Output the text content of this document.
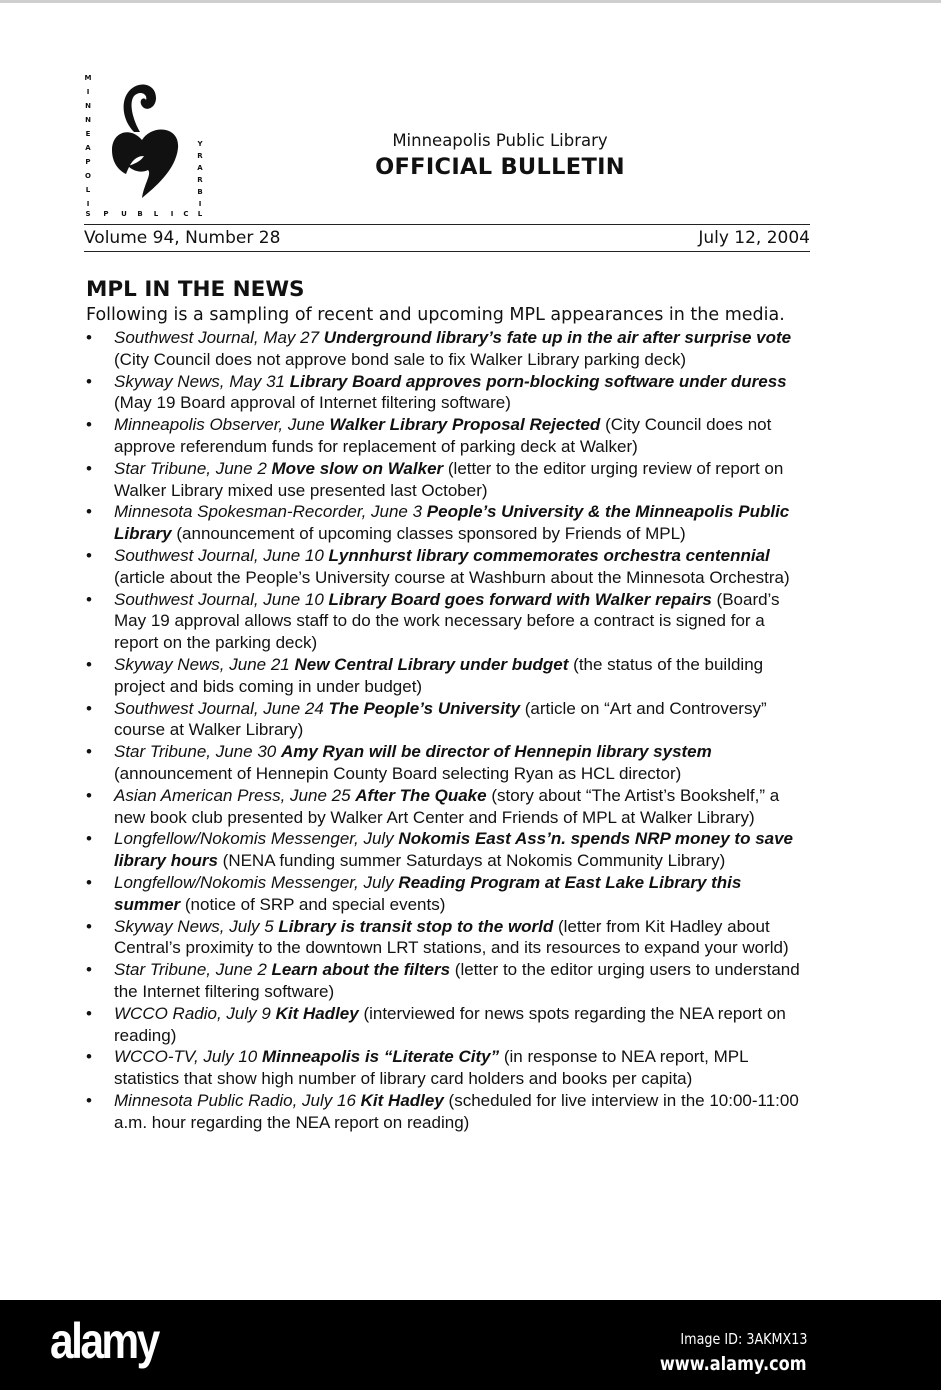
M
I
N
N
E
A
P
O
L
I
S P U B L I C L
I
B
R
A
R
Y	Minneapolis Public Library
OFFICIAL BULLETIN
Volume 94, Number 28	July 12, 2004
MPL IN THE NEWS

Following is a sampling of recent and upcoming MPL appearances in the media.

• Southwest Journal, May 27 Underground library’s fate up in the air after surprise vote (City Council does not approve bond sale to fix Walker Library parking deck)
• Skyway News, May 31 Library Board approves porn-blocking software under duress (May 19 Board approval of Internet filtering software)
• Minneapolis Observer, June Walker Library Proposal Rejected (City Council does not approve referendum funds for replacement of parking deck at Walker)
• Star Tribune, June 2 Move slow on Walker (letter to the editor urging review of report on Walker Library mixed use presented last October)
• Minnesota Spokesman-Recorder, June 3 People’s University & the Minneapolis Public Library (announcement of upcoming classes sponsored by Friends of MPL)
• Southwest Journal, June 10 Lynnhurst library commemorates orchestra centennial (article about the People’s University course at Washburn about the Minnesota Orchestra)
• Southwest Journal, June 10 Library Board goes forward with Walker repairs (Board’s May 19 approval allows staff to do the work necessary before a contract is signed for a report on the parking deck)
• Skyway News, June 21 New Central Library under budget (the status of the building project and bids coming in under budget)
• Southwest Journal, June 24 The People’s University (article on “Art and Controversy” course at Walker Library)
• Star Tribune, June 30 Amy Ryan will be director of Hennepin library system (announcement of Hennepin County Board selecting Ryan as HCL director)
• Asian American Press, June 25 After The Quake (story about “The Artist’s Bookshelf,” a new book club presented by Walker Art Center and Friends of MPL at Walker Library)
• Longfellow/Nokomis Messenger, July Nokomis East Ass’n. spends NRP money to save library hours (NENA funding summer Saturdays at Nokomis Community Library)
• Longfellow/Nokomis Messenger, July Reading Program at East Lake Library this summer (notice of SRP and special events)
• Skyway News, July 5 Library is transit stop to the world (letter from Kit Hadley about Central’s proximity to the downtown LRT stations, and its resources to expand your world)
• Star Tribune, June 2 Learn about the filters (letter to the editor urging users to understand the Internet filtering software)
• WCCO Radio, July 9 Kit Hadley (interviewed for news spots regarding the NEA report on reading)
• WCCO-TV, July 10 Minneapolis is “Literate City” (in response to NEA report, MPL statistics that show high number of library card holders and books per capita)
• Minnesota Public Radio, July 16 Kit Hadley (scheduled for live interview in the 10:00-11:00 a.m. hour regarding the NEA report on reading)
alamy	Image ID: 3AKMX13
www.alamy.com
